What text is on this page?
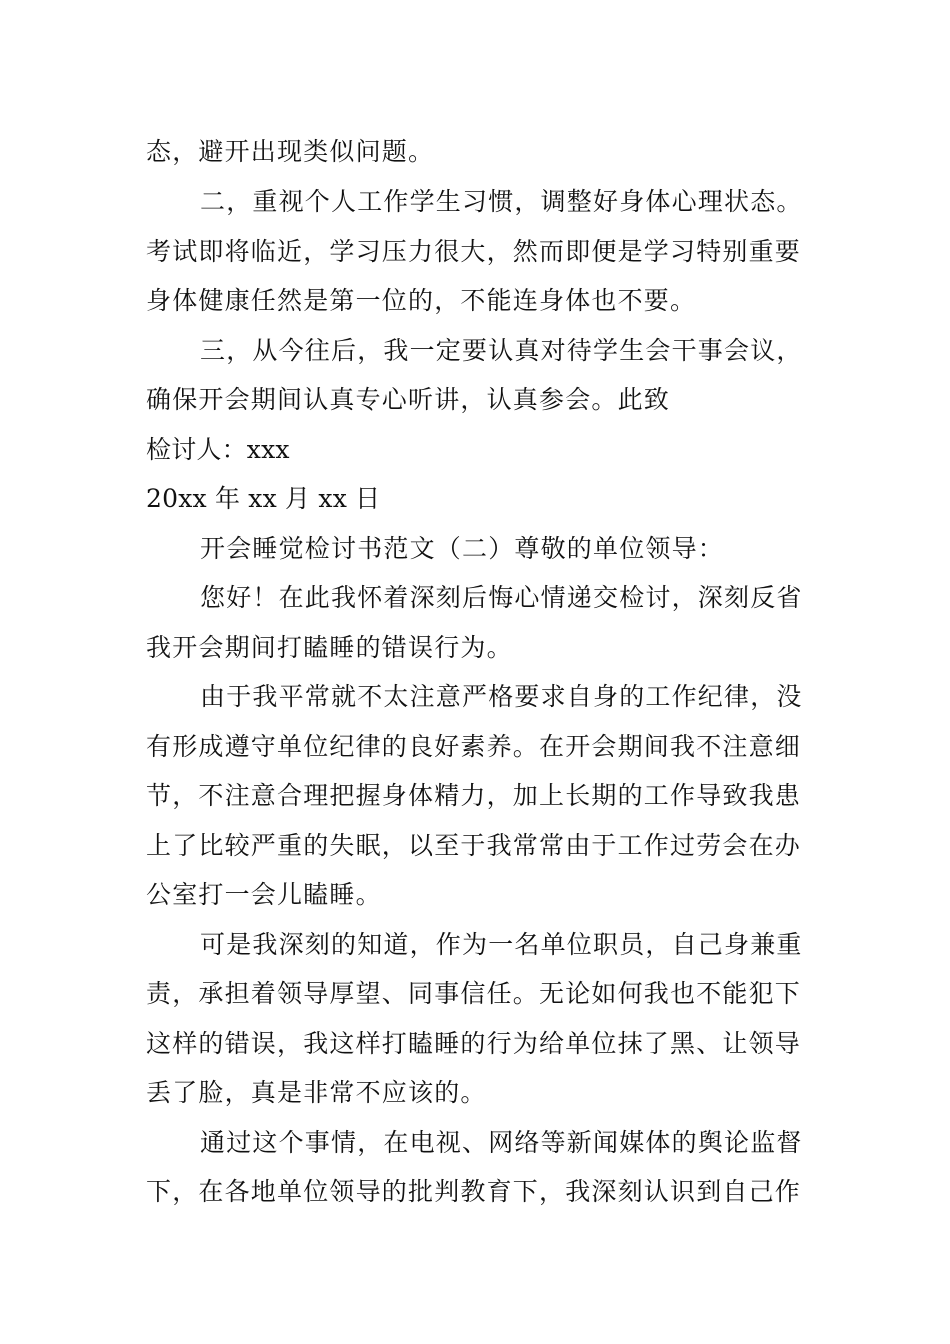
态，避开出现类似问题。
二，重视个人工作学生习惯，调整好身体心理状态。
考试即将临近，学习压力很大，然而即便是学习特别重要
身体健康任然是第一位的，不能连身体也不要。
三，从今往后，我一定要认真对待学生会干事会议，
确保开会期间认真专心听讲，认真参会。此致
检讨人：xxx
20xx 年 xx 月 xx 日
开会睡觉检讨书范文（二）尊敬的单位领导：
您好！在此我怀着深刻后悔心情递交检讨，深刻反省
我开会期间打瞌睡的错误行为。
由于我平常就不太注意严格要求自身的工作纪律，没
有形成遵守单位纪律的良好素养。在开会期间我不注意细
节，不注意合理把握身体精力，加上长期的工作导致我患
上了比较严重的失眠，以至于我常常由于工作过劳会在办
公室打一会儿瞌睡。
可是我深刻的知道，作为一名单位职员，自己身兼重
责，承担着领导厚望、同事信任。无论如何我也不能犯下
这样的错误，我这样打瞌睡的行为给单位抹了黑、让领导
丢了脸，真是非常不应该的。
通过这个事情，在电视、网络等新闻媒体的舆论监督
下，在各地单位领导的批判教育下，我深刻认识到自己作
